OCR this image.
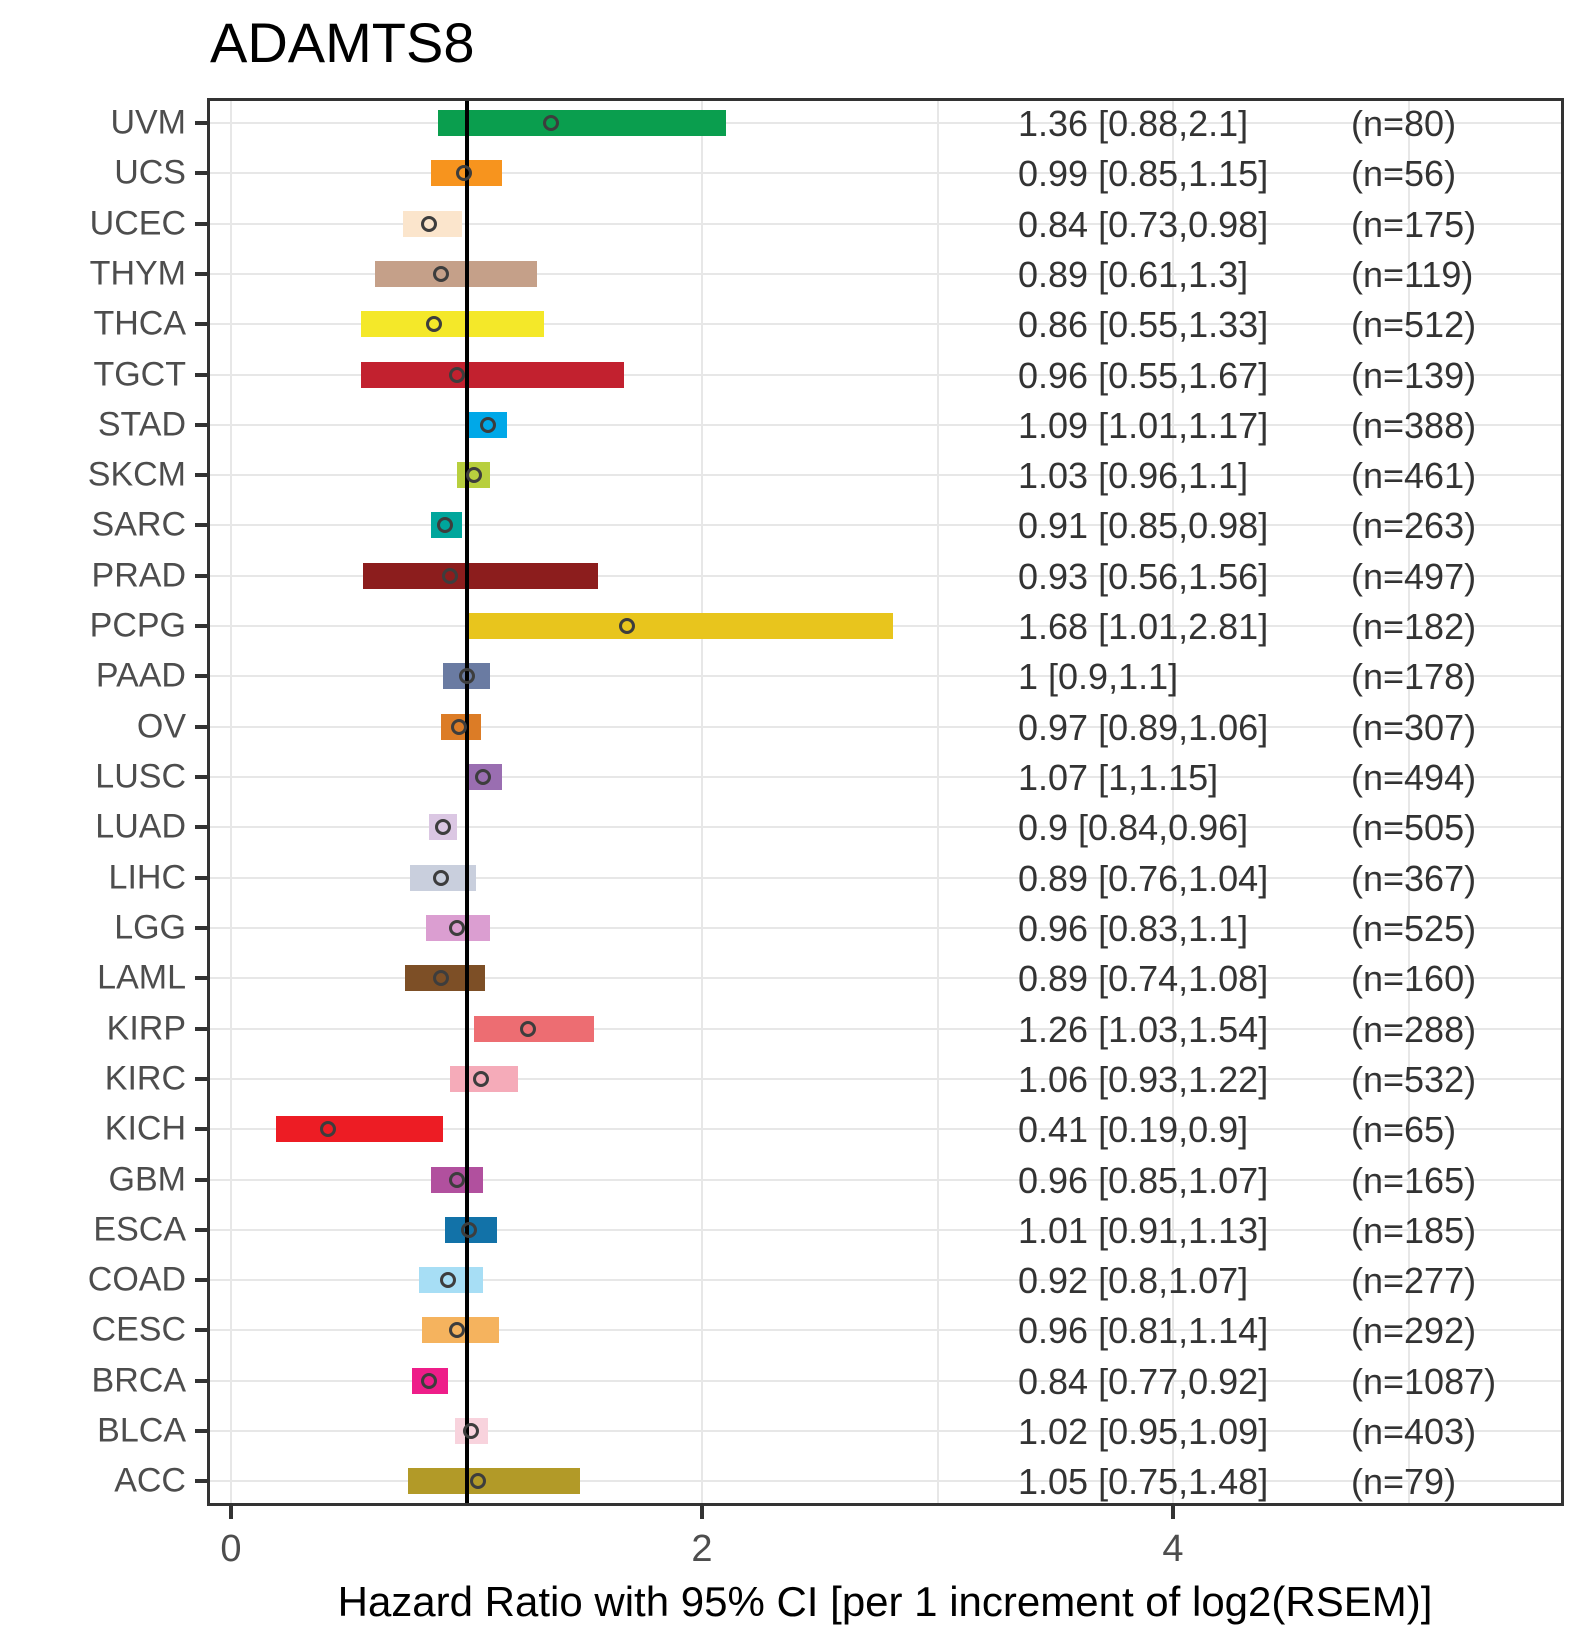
ADAMTS8
UVM	1.36 [0.88,2.1]	(n=80)
UCS	0.99 [0.85,1.15] (n=56)
UCEC	0.84 [0.73,0.98] (n=175)
THYM	0.89 [0.61,1.3]	(n=119)
THCA	0.86 [0.55,1.33] (n=512)
TGCT	0.96 [0.55,1.67] (n=139)
STAD	1.09 [1.01,1.17] (n=388)
SKCM	1.03 [0.96,1.1]	(n=461)
SARC	0.91 [0.85,0.98] (n=263)
PRAD	0.93 [0.56,1.56] (n=497)
PCPG	1.68 [1.01,2.81] (n=182)
PAAD	1 [0.9,1.1]	(n=178)
OV	0.97 [0.89,1.06] (n=307)
LUSC	1.07 [1,1.15]	(n=494)
LUAD	0.9 [0.84,0.96]	(n=505)
LIHC	0.89 [0.76,1.04] (n=367)
LGG	0.96 [0.83,1.1]	(n=525)
LAML	0.89 [0.74,1.08] (n=160)
KIRP	1.26 [1.03,1.54] (n=288)
KIRC	1.06 [0.93,1.22] (n=532)
KICH	0.41 [0.19,0.9]	(n=65)
GBM	0.96 [0.85,1.07] (n=165)
ESCA	1.01 [0.91,1.13] (n=185)
COAD	0.92 [0.8,1.07]	(n=277)
CESC	0.96 [0.81,1.14] (n=292)
BRCA	0.84 [0.77,0.92] (n=1087)
BLCA	1.02 [0.95,1.09] (n=403)
ACC	1.05 [0.75,1.48] (n=79)
0	2	4
Hazard Ratio with 95% CI [per 1 increment of log2(RSEM)]
